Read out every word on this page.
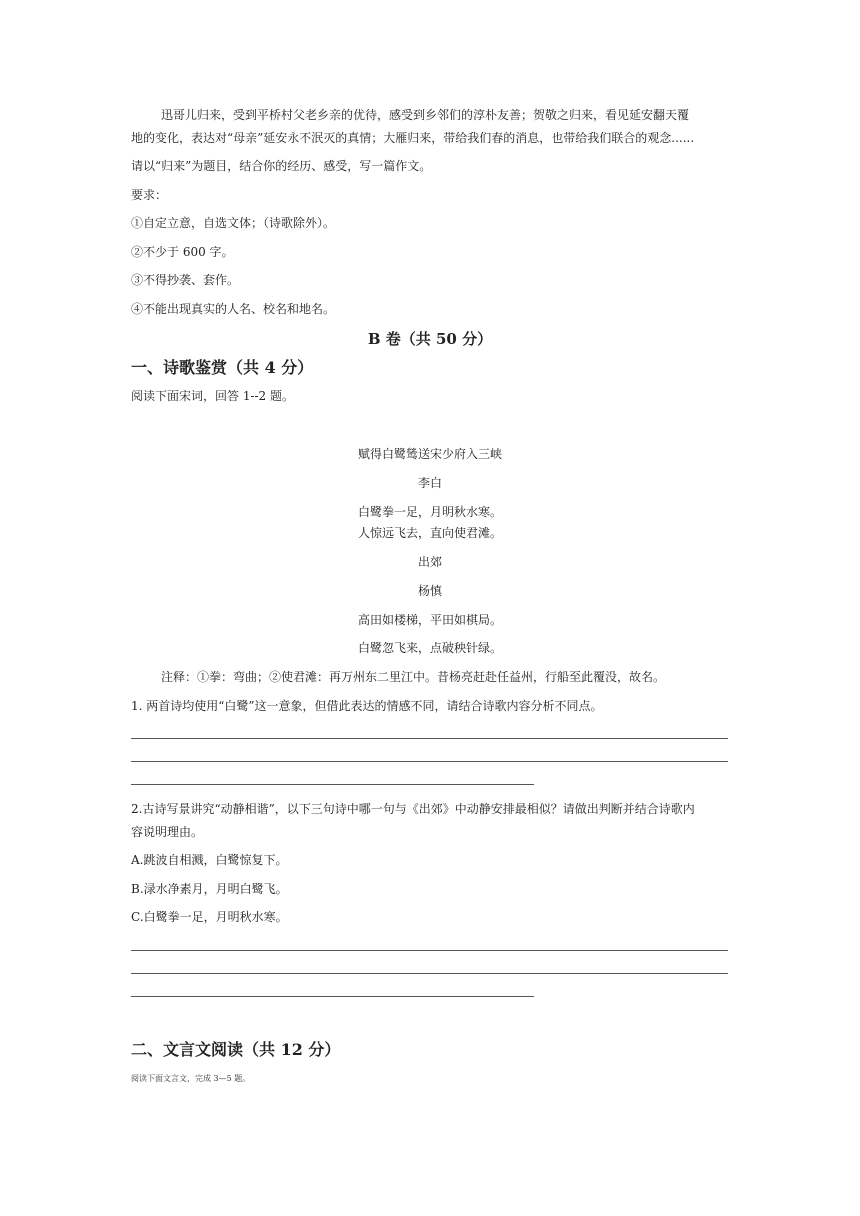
迅哥儿归来，受到平桥村父老乡亲的优待，感受到乡邻们的淳朴友善；贺敬之归来，看见延安翻天覆
地的变化，表达对“母亲”延安永不泯灭的真情；大雁归来，带给我们春的消息，也带给我们联合的观念......
请以“归来”为题目，结合你的经历、感受，写一篇作文。
要求：
①自定立意，自选文体；（诗歌除外）。
②不少于 600 字。
③不得抄袭、套作。
④不能出现真实的人名、校名和地名。
B 卷（共 50 分）
一、诗歌鉴赏（共 4 分）
阅读下面宋词，回答 1--2 题。
赋得白鹭鸶送宋少府入三峡
李白
白鹭拳一足，月明秋水寒。
人惊远飞去，直向使君滩。
出郊
杨慎
高田如楼梯，平田如棋局。
白鹭忽飞来，点破秧针绿。
注释：①拳：弯曲；②使君滩：再万州东二里江中。昔杨亮赶赴任益州，行船至此覆没，故名。
1. 两首诗均使用“白鹭”这一意象，但借此表达的情感不同，请结合诗歌内容分析不同点。
2.古诗写景讲究“动静相谐”，以下三句诗中哪一句与《出郊》中动静安排最相似？请做出判断并结合诗歌内
容说明理由。
A.跳波自相溅，白鹭惊复下。
B.渌水净素月，月明白鹭飞。
C.白鹭拳一足，月明秋水寒。
二、文言文阅读（共 12 分）
阅读下面文言文，完成 3—5 题。
